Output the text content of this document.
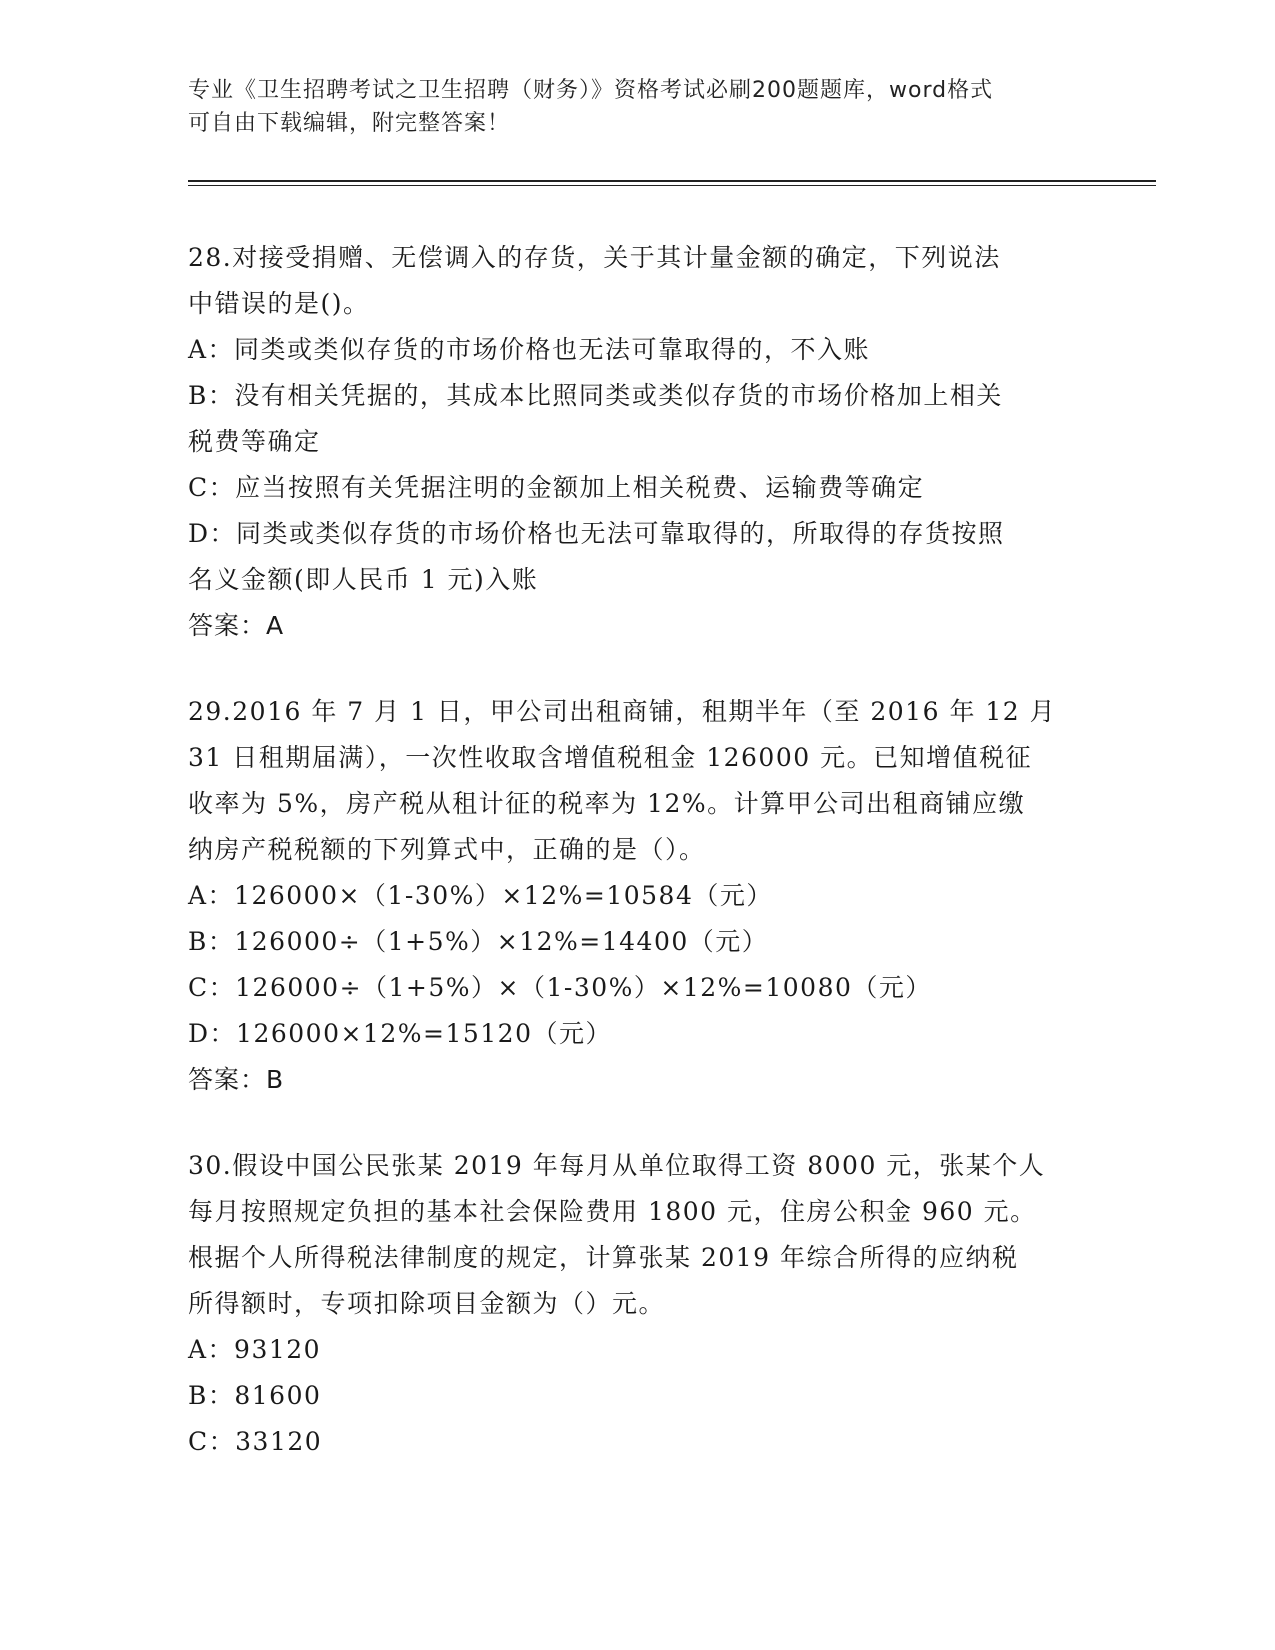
专业《卫生招聘考试之卫生招聘（财务）》资格考试必刷200题题库，word格式
可自由下载编辑，附完整答案！
28.对接受捐赠、无偿调入的存货，关于其计量金额的确定，下列说法
中错误的是()。
A：同类或类似存货的市场价格也无法可靠取得的，不入账
B：没有相关凭据的，其成本比照同类或类似存货的市场价格加上相关
税费等确定
C：应当按照有关凭据注明的金额加上相关税费、运输费等确定
D：同类或类似存货的市场价格也无法可靠取得的，所取得的存货按照
名义金额(即人民币 1 元)入账
答案：A
29.2016 年 7 月 1 日，甲公司出租商铺，租期半年（至 2016 年 12 月
31 日租期届满），一次性收取含增值税租金 126000 元。已知增值税征
收率为 5%，房产税从租计征的税率为 12%。计算甲公司出租商铺应缴
纳房产税税额的下列算式中，正确的是（）。
A：126000×（1-30%）×12%=10584（元）
B：126000÷（1+5%）×12%=14400（元）
C：126000÷（1+5%）×（1-30%）×12%=10080（元）
D：126000×12%=15120（元）
答案：B
30.假设中国公民张某 2019 年每月从单位取得工资 8000 元，张某个人
每月按照规定负担的基本社会保险费用 1800 元，住房公积金 960 元。
根据个人所得税法律制度的规定，计算张某 2019 年综合所得的应纳税
所得额时，专项扣除项目金额为（）元。
A：93120
B：81600
C：33120
